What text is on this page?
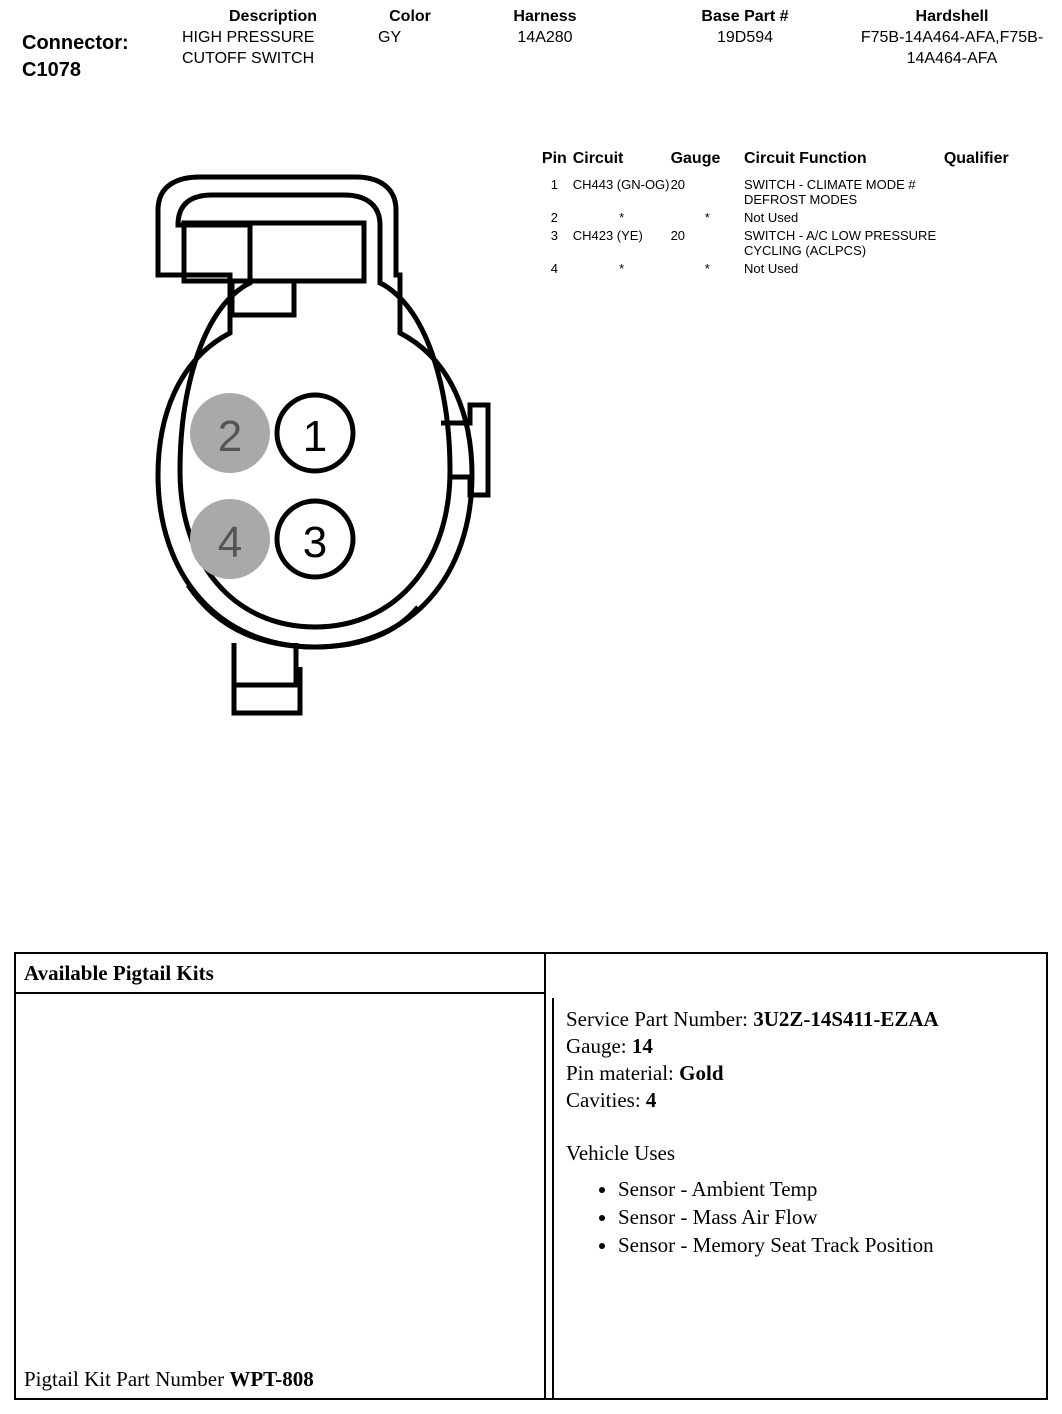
Connector:
C1078
Description
HIGH PRESSURE CUTOFF SWITCH
Color
GY
Harness
14A280
Base Part #
19D594
Hardshell
F75B-14A464-AFA,F75B-14A464-AFA
2 1
4 3
Pin	Circuit	Gauge	Circuit Function	Qualifier
1	CH443 (GN-OG)	20	SWITCH - CLIMATE MODE # DEFROST MODES	
2	*	*	Not Used	
3	CH423 (YE)	20	SWITCH - A/C LOW PRESSURE CYCLING (ACLPCS)	
4	*	*	Not Used	
Available Pigtail Kits
Pigtail Kit Part Number WPT-808
Service Part Number: 3U2Z-14S411-EZAA
Gauge: 14
Pin material: Gold
Cavities: 4
Vehicle Uses
• Sensor - Ambient Temp
• Sensor - Mass Air Flow
• Sensor - Memory Seat Track Position
